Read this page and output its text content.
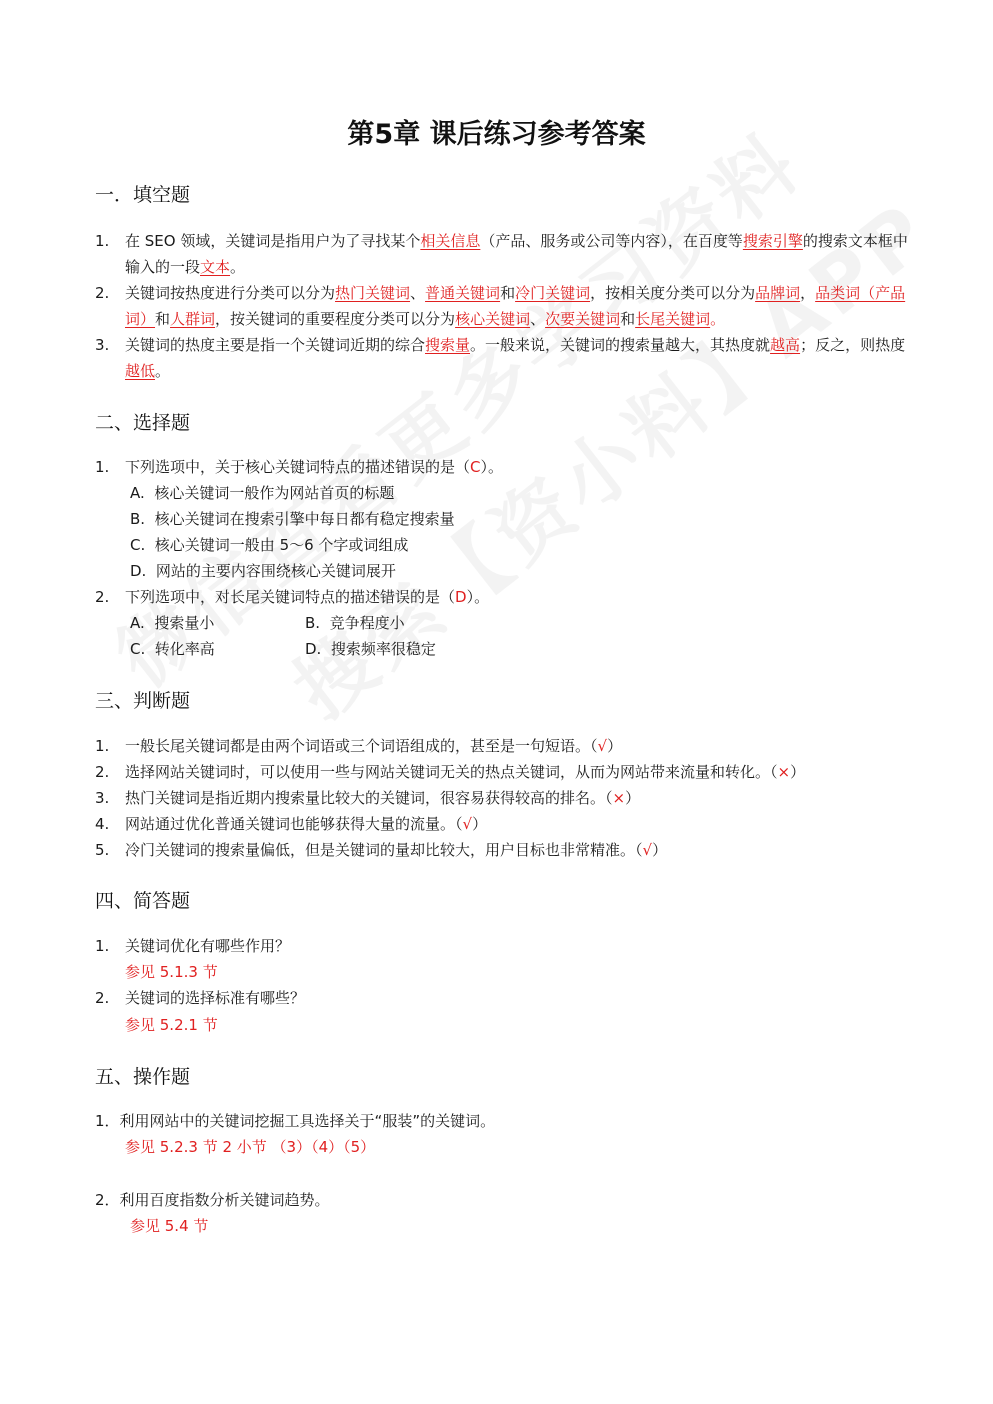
第5章 课后练习参考答案
一．填空题
1.	在 SEO 领域，关键词是指用户为了寻找某个相关信息（产品、服务或公司等内容），在百度等搜索引擎的搜索文本框中输入的一段文本。
2.	关键词按热度进行分类可以分为热门关键词、普通关键词和冷门关键词，按相关度分类可以分为品牌词，品类词（产品词）和人群词，按关键词的重要程度分类可以分为核心关键词、次要关键词和长尾关键词。
3.	关键词的热度主要是指一个关键词近期的综合搜索量。一般来说，关键词的搜索量越大，其热度就越高；反之，则热度越低。
二、选择题
1.	下列选项中，关于核心关键词特点的描述错误的是（C）。
A. 核心关键词一般作为网站首页的标题
B. 核心关键词在搜索引擎中每日都有稳定搜索量
C. 核心关键词一般由 5～6 个字或词组成
D. 网站的主要内容围绕核心关键词展开
2.	下列选项中，对长尾关键词特点的描述错误的是（D）。
A. 搜索量小	B. 竞争程度小
C. 转化率高	D. 搜索频率很稳定
三、判断题
1.	一般长尾关键词都是由两个词语或三个词语组成的，甚至是一句短语。（√）
2.	选择网站关键词时，可以使用一些与网站关键词无关的热点关键词，从而为网站带来流量和转化。（×）
3.	热门关键词是指近期内搜索量比较大的关键词，很容易获得较高的排名。（×）
4.	网站通过优化普通关键词也能够获得大量的流量。（√）
5.	冷门关键词的搜索量偏低，但是关键词的量却比较大，用户目标也非常精准。（√）
四、简答题
1.	关键词优化有哪些作用？
参见 5.1.3 节
2.	关键词的选择标准有哪些？
参见 5.2.1 节
五、操作题
1．利用网站中的关键词挖掘工具选择关于“服装”的关键词。
参见 5.2.3 节 2 小节 （3）（4）（5）
2．利用百度指数分析关键词趋势。
参见 5.4 节
